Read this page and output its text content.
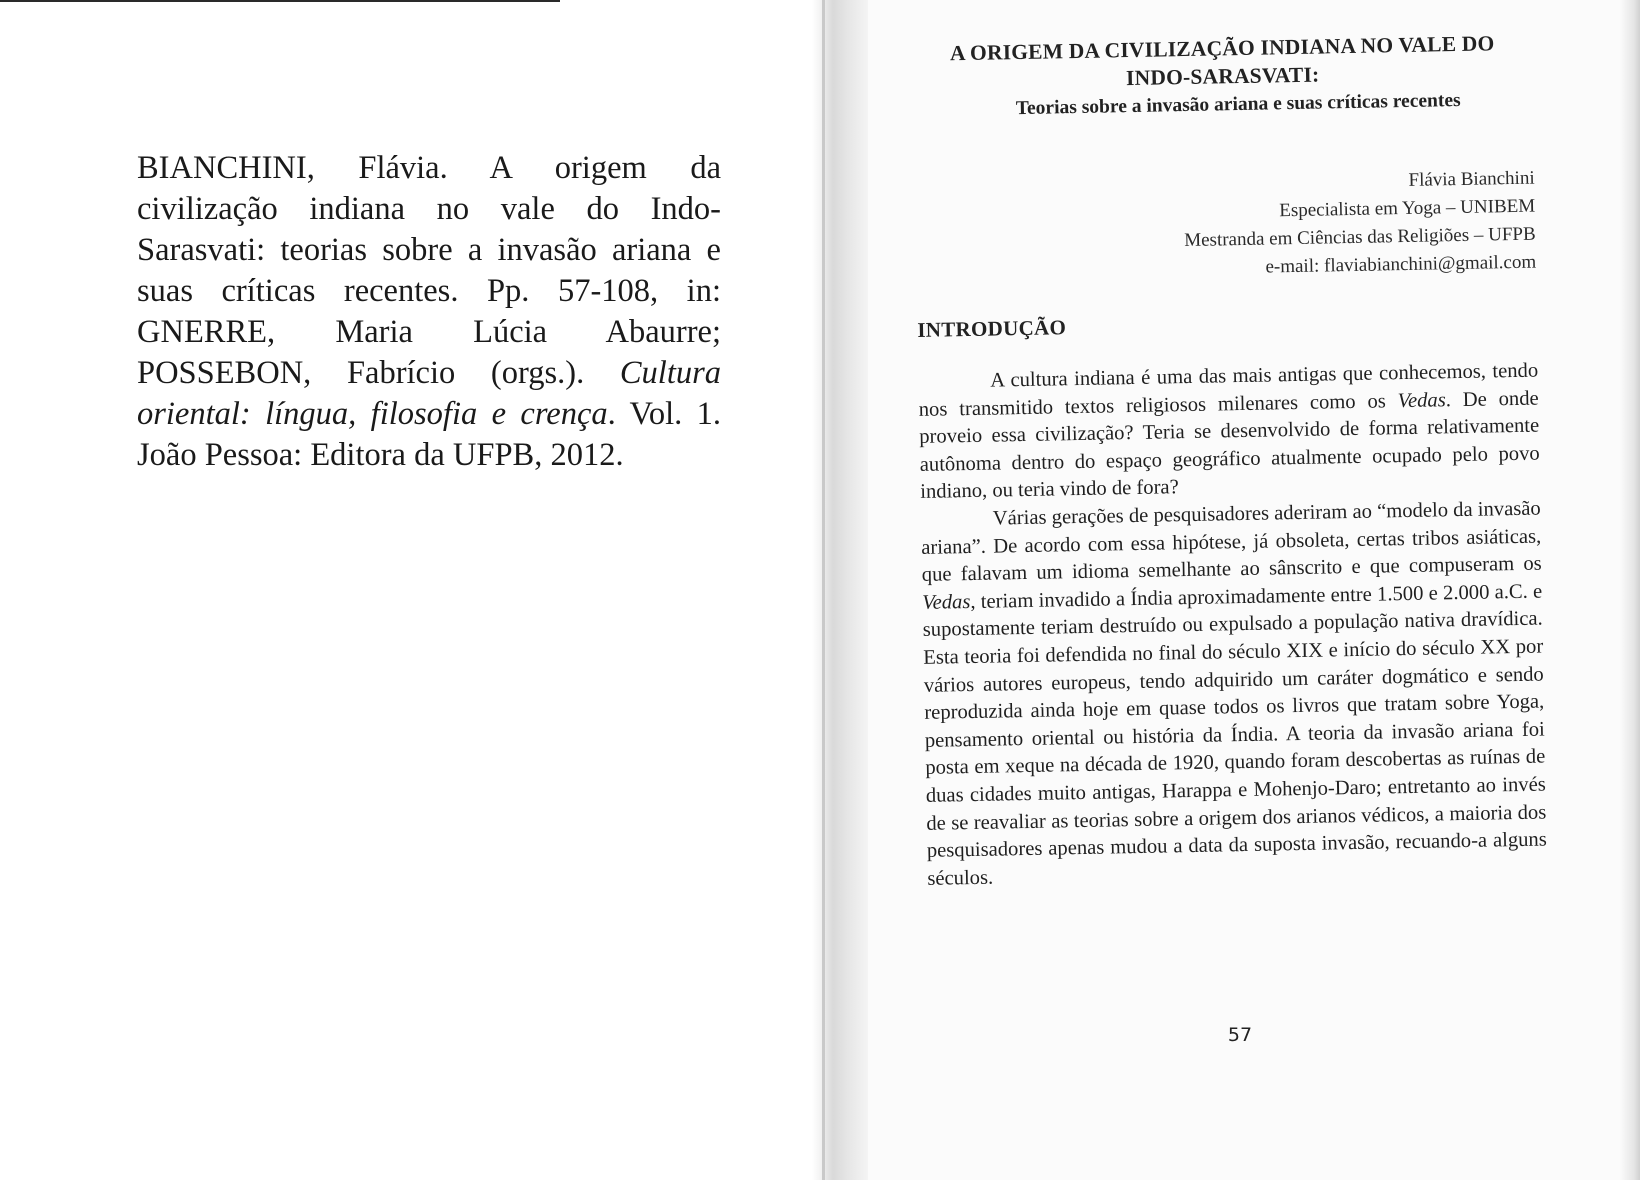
BIANCHINI, Flávia. A origem da civilização indiana no vale do Indo-Sarasvati: teorias sobre a invasão ariana e suas críticas recentes. Pp. 57-108, in: GNERRE, Maria Lúcia Abaurre; POSSEBON, Fabrício (orgs.). Cultura oriental: língua, filosofia e crença. Vol. 1. João Pessoa: Editora da UFPB, 2012.
A ORIGEM DA CIVILIZAÇÃO INDIANA NO VALE DO
INDO-SARASVATI:
Teorias sobre a invasão ariana e suas críticas recentes
Flávia Bianchini
Especialista em Yoga – UNIBEM
Mestranda em Ciências das Religiões – UFPB
e-mail: flaviabianchini@gmail.com
INTRODUÇÃO

A cultura indiana é uma das mais antigas que conhecemos, tendo nos transmitido textos religiosos milenares como os Vedas. De onde proveio essa civilização? Teria se desenvolvido de forma relativamente autônoma dentro do espaço geográfico atualmente ocupado pelo povo indiano, ou teria vindo de fora?

Várias gerações de pesquisadores aderiram ao “modelo da invasão ariana”. De acordo com essa hipótese, já obsoleta, certas tribos asiáticas, que falavam um idioma semelhante ao sânscrito e que compuseram os Vedas, teriam invadido a Índia aproximadamente entre 1.500 e 2.000 a.C. e supostamente teriam destruído ou expulsado a população nativa dravídica. Esta teoria foi defendida no final do século XIX e início do século XX por vários autores europeus, tendo adquirido um caráter dogmático e sendo reproduzida ainda hoje em quase todos os livros que tratam sobre Yoga, pensamento oriental ou história da Índia. A teoria da invasão ariana foi posta em xeque na década de 1920, quando foram descobertas as ruínas de duas cidades muito antigas, Harappa e Mohenjo-Daro; entretanto ao invés de se reavaliar as teorias sobre a origem dos arianos védicos, a maioria dos pesquisadores apenas mudou a data da suposta invasão, recuando-a alguns séculos.

57
